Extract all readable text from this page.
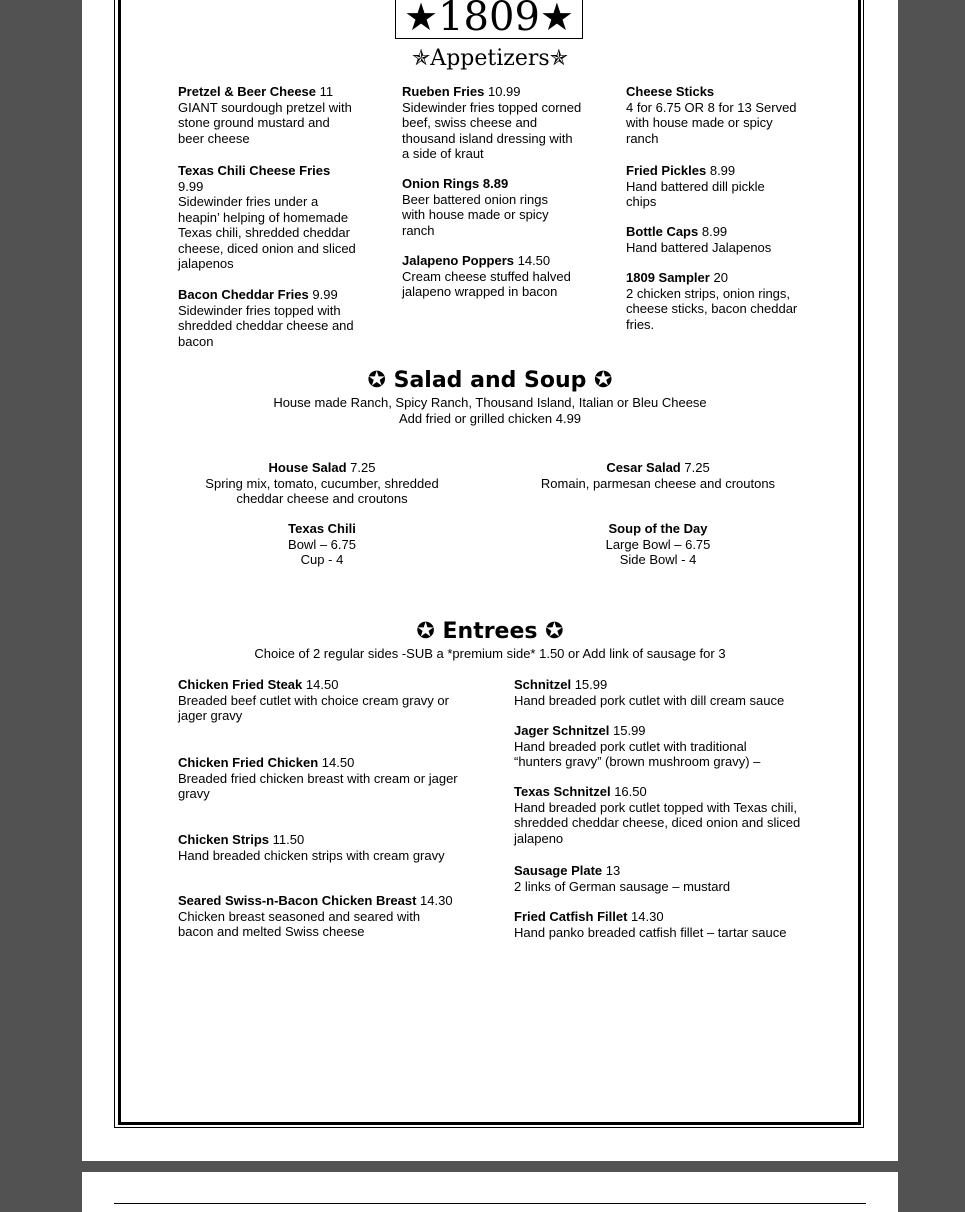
★ 1809 ★
✯Appetizers✯
Pretzel & Beer Cheese 11
GIANT sourdough pretzel with stone ground mustard and beer cheese
Texas Chili Cheese Fries
9.99
Sidewinder fries under a heapin’ helping of homemade Texas chili, shredded cheddar cheese, diced onion and sliced jalapenos
Bacon Cheddar Fries 9.99
Sidewinder fries topped with shredded cheddar cheese and bacon
Rueben Fries 10.99
Sidewinder fries topped corned beef, swiss cheese and thousand island dressing with a side of kraut
Onion Rings 8.89
Beer battered onion rings with house made or spicy ranch
Jalapeno Poppers 14.50
Cream cheese stuffed halved jalapeno wrapped in bacon
Cheese Sticks
4 for 6.75 OR 8 for 13 Served with house made or spicy ranch
Fried Pickles 8.99
Hand battered dill pickle chips
Bottle Caps 8.99
Hand battered Jalapenos
1809 Sampler 20
2 chicken strips, onion rings, cheese sticks, bacon cheddar fries.
✪ Salad and Soup ✪
House made Ranch, Spicy Ranch, Thousand Island, Italian or Bleu Cheese
Add fried or grilled chicken 4.99
House Salad 7.25
Spring mix, tomato, cucumber, shredded
cheddar cheese and croutons
Cesar Salad 7.25
Romain, parmesan cheese and croutons
Texas Chili
Bowl – 6.75
Cup - 4
Soup of the Day
Large Bowl – 6.75
Side Bowl - 4
✪ Entrees ✪
Choice of 2 regular sides -SUB a *premium side* 1.50 or Add link of sausage for 3
Chicken Fried Steak 14.50
Breaded beef cutlet with choice cream gravy or jager gravy
Chicken Fried Chicken 14.50
Breaded fried chicken breast with cream or jager gravy
Chicken Strips 11.50
Hand breaded chicken strips with cream gravy
Seared Swiss-n-Bacon Chicken Breast 14.30
Chicken breast seasoned and seared with bacon and melted Swiss cheese
Schnitzel 15.99
Hand breaded pork cutlet with dill cream sauce
Jager Schnitzel 15.99
Hand breaded pork cutlet with traditional “hunters gravy” (brown mushroom gravy) –
Texas Schnitzel 16.50
Hand breaded pork cutlet topped with Texas chili, shredded cheddar cheese, diced onion and sliced jalapeno
Sausage Plate 13
2 links of German sausage – mustard
Fried Catfish Fillet 14.30
Hand panko breaded catfish fillet – tartar sauce
